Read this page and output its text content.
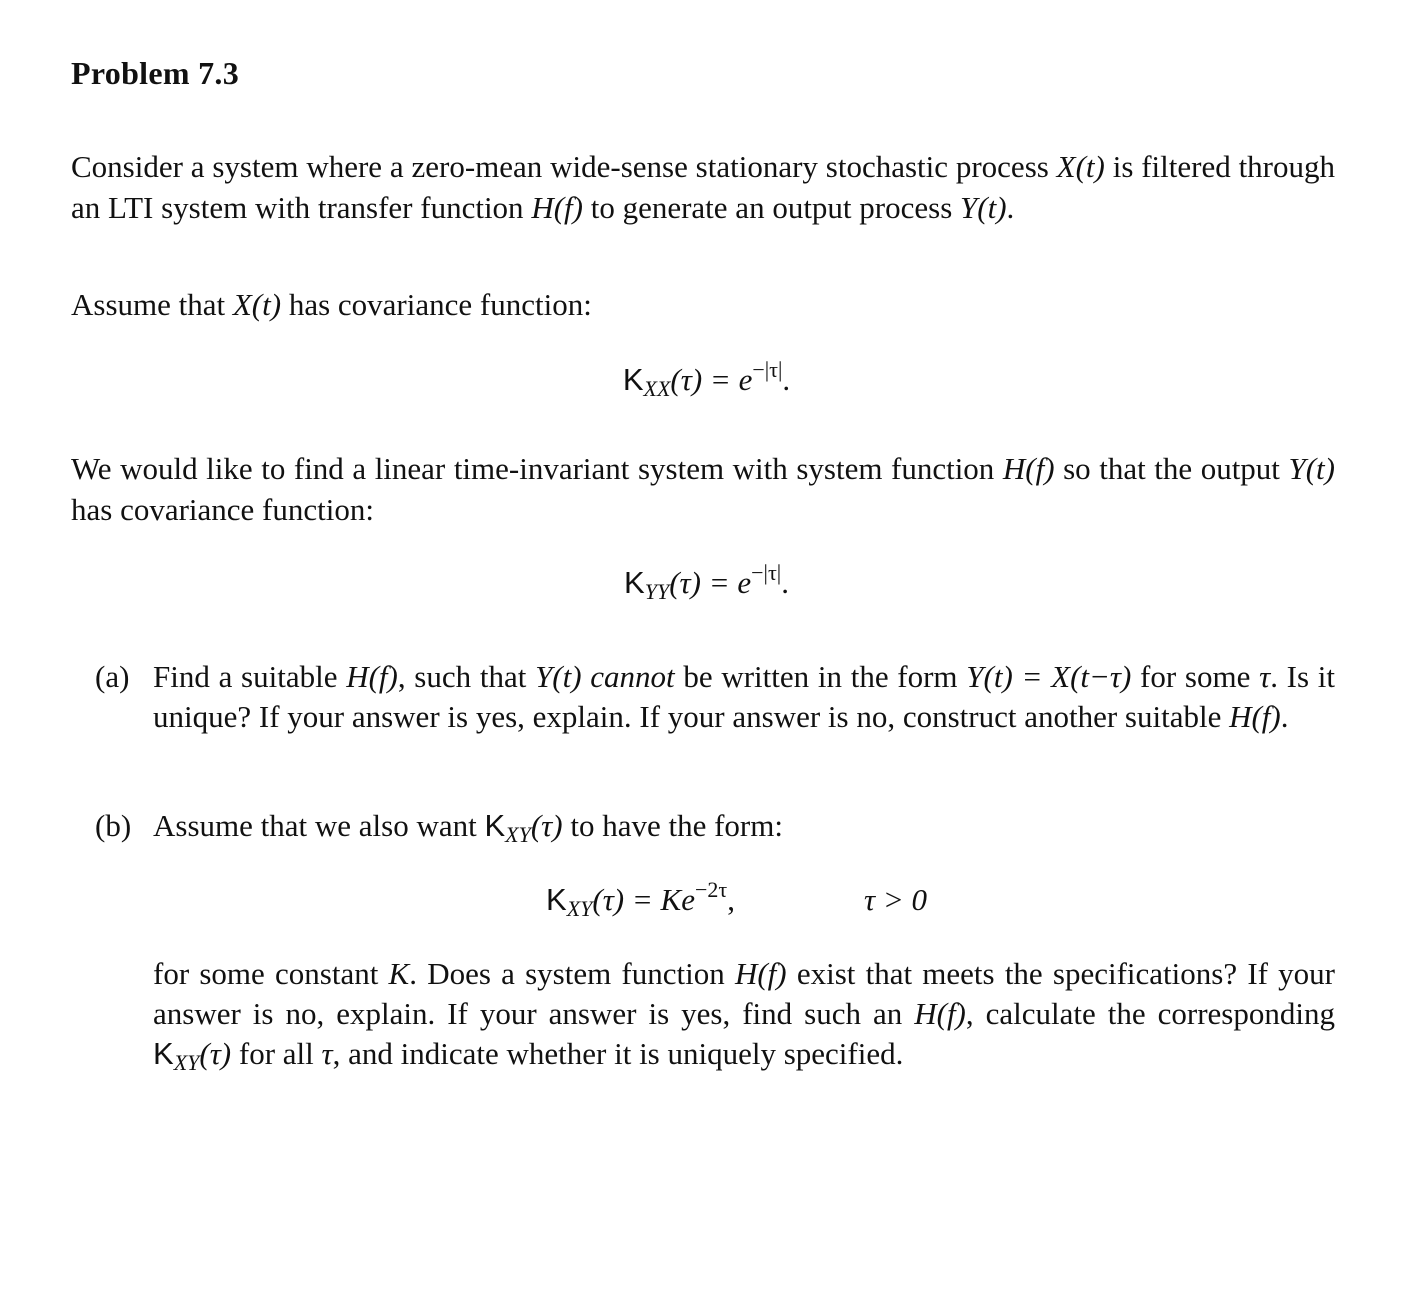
Problem 7.3
Consider a system where a zero-mean wide-sense stationary stochastic process X(t) is filtered through an LTI system with transfer function H(f) to generate an output process Y(t).
Assume that X(t) has covariance function:
$K_{XX}(\tau) = e^{-|\tau|}$.
We would like to find a linear time-invariant system with system function H(f) so that the output Y(t) has covariance function:
$K_{YY}(\tau) = e^{-|\tau|}$.
(a) Find a suitable H(f), such that Y(t) cannot be written in the form Y(t) = X(t−τ) for some τ. Is it unique? If your answer is yes, explain. If your answer is no, construct another suitable H(f).
(b) Assume that we also want $K_{XY}(\tau)$ to have the form:
$K_{XY}(\tau) = Ke^{-2\tau}$,	τ > 0
for some constant K. Does a system function H(f) exist that meets the specifications? If your answer is no, explain. If your answer is yes, find such an H(f), calculate the corresponding $K_{XY}(\tau)$ for all τ, and indicate whether it is uniquely specified.
